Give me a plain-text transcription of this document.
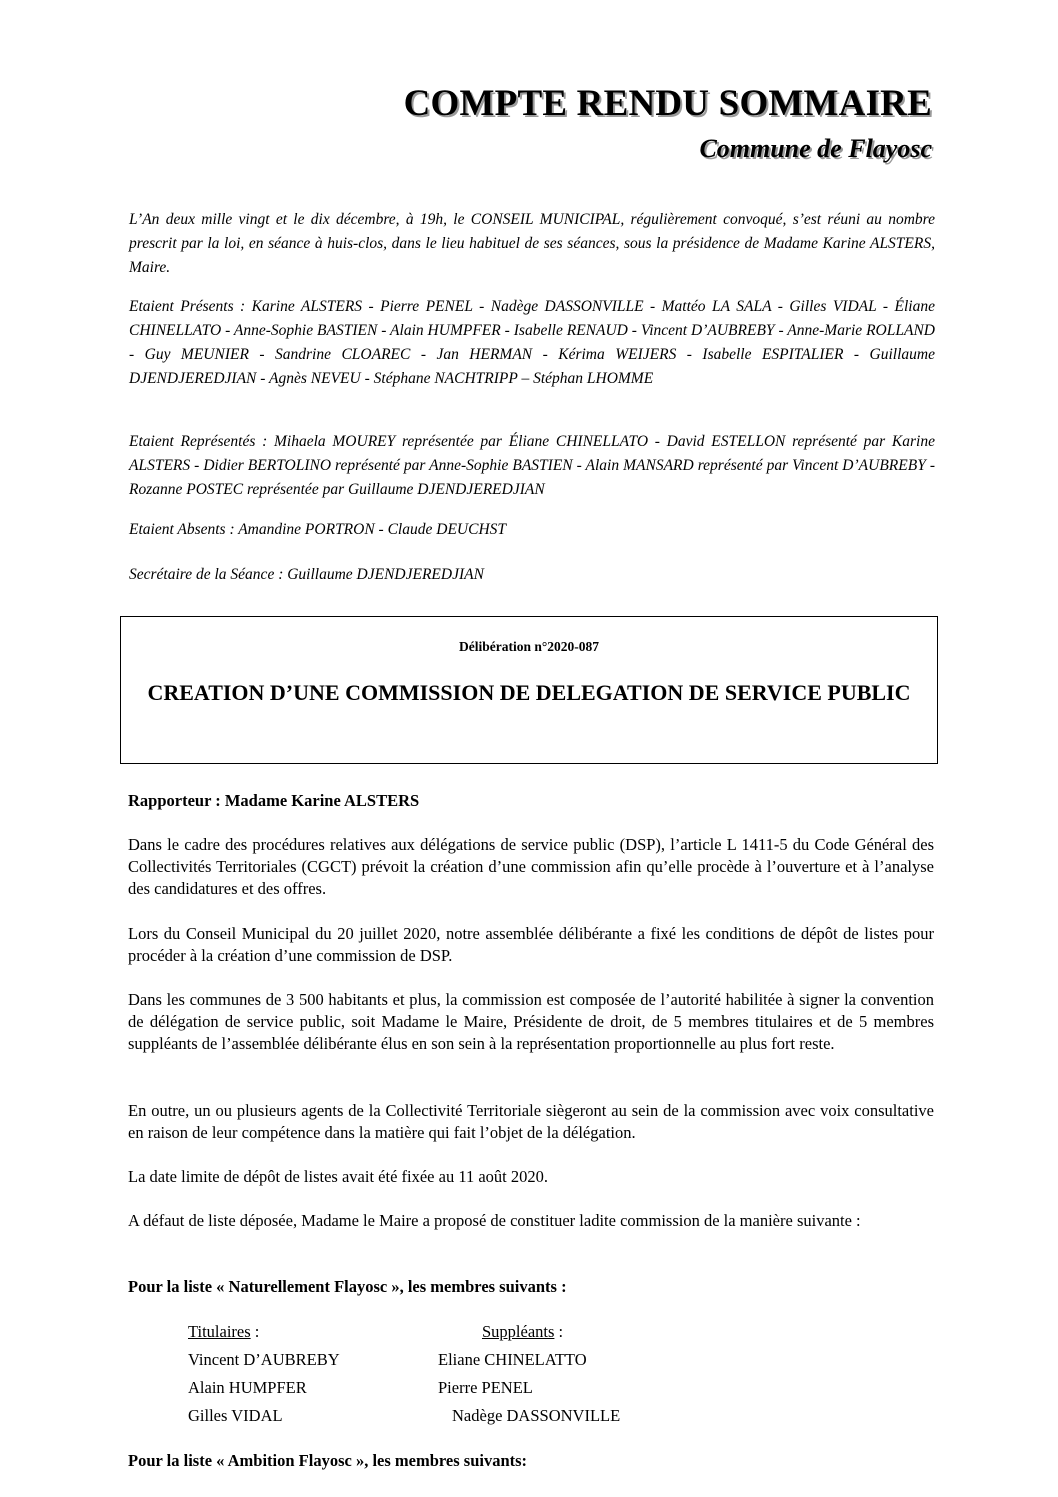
COMPTE RENDU SOMMAIRE
Commune de Flayosc

L’An deux mille vingt et le dix décembre, à 19h, le CONSEIL MUNICIPAL, régulièrement convoqué, s’est réuni au nombre prescrit par la loi, en séance à huis-clos, dans le lieu habituel de ses séances, sous la présidence de Madame Karine ALSTERS, Maire.

Etaient Présents : Karine ALSTERS - Pierre PENEL - Nadège DASSONVILLE - Mattéo LA SALA - Gilles VIDAL - Éliane CHINELLATO - Anne-Sophie BASTIEN - Alain HUMPFER - Isabelle RENAUD - Vincent D’AUBREBY - Anne-Marie ROLLAND - Guy MEUNIER - Sandrine CLOAREC - Jan HERMAN - Kérima WEIJERS - Isabelle ESPITALIER - Guillaume DJENDJEREDJIAN - Agnès NEVEU - Stéphane NACHTRIPP – Stéphan LHOMME

Etaient Représentés : Mihaela MOUREY représentée par Éliane CHINELLATO - David ESTELLON représenté par Karine ALSTERS - Didier BERTOLINO représenté par Anne-Sophie BASTIEN - Alain MANSARD représenté par Vincent D’AUBREBY - Rozanne POSTEC représentée par Guillaume DJENDJEREDJIAN

Etaient Absents : Amandine PORTRON - Claude DEUCHST

Secrétaire de la Séance : Guillaume DJENDJEREDJIAN

Délibération n°2020-087

CREATION D’UNE COMMISSION DE DELEGATION DE SERVICE PUBLIC

Rapporteur : Madame Karine ALSTERS

Dans le cadre des procédures relatives aux délégations de service public (DSP), l’article L 1411-5 du Code Général des Collectivités Territoriales (CGCT) prévoit la création d’une commission afin qu’elle procède à l’ouverture et à l’analyse des candidatures et des offres.

Lors du Conseil Municipal du 20 juillet 2020, notre assemblée délibérante a fixé les conditions de dépôt de listes pour procéder à la création d’une commission de DSP.

Dans les communes de 3 500 habitants et plus, la commission est composée de l’autorité habilitée à signer la convention de délégation de service public, soit Madame le Maire, Présidente de droit, de 5 membres titulaires et de 5 membres suppléants de l’assemblée délibérante élus en son sein à la représentation proportionnelle au plus fort reste.

En outre, un ou plusieurs agents de la Collectivité Territoriale siègeront au sein de la commission avec voix consultative en raison de leur compétence dans la matière qui fait l’objet de la délégation.

La date limite de dépôt de listes avait été fixée au 11 août 2020.

A défaut de liste déposée, Madame le Maire a proposé de constituer ladite commission de la manière suivante :

Pour la liste « Naturellement Flayosc », les membres suivants :

Titulaires :
Vincent D’AUBREBY
Alain HUMPFER
Gilles VIDAL
Suppléants :
Eliane CHINELATTO
Pierre PENEL
Nadège DASSONVILLE

Pour la liste « Ambition Flayosc », les membres suivants:
